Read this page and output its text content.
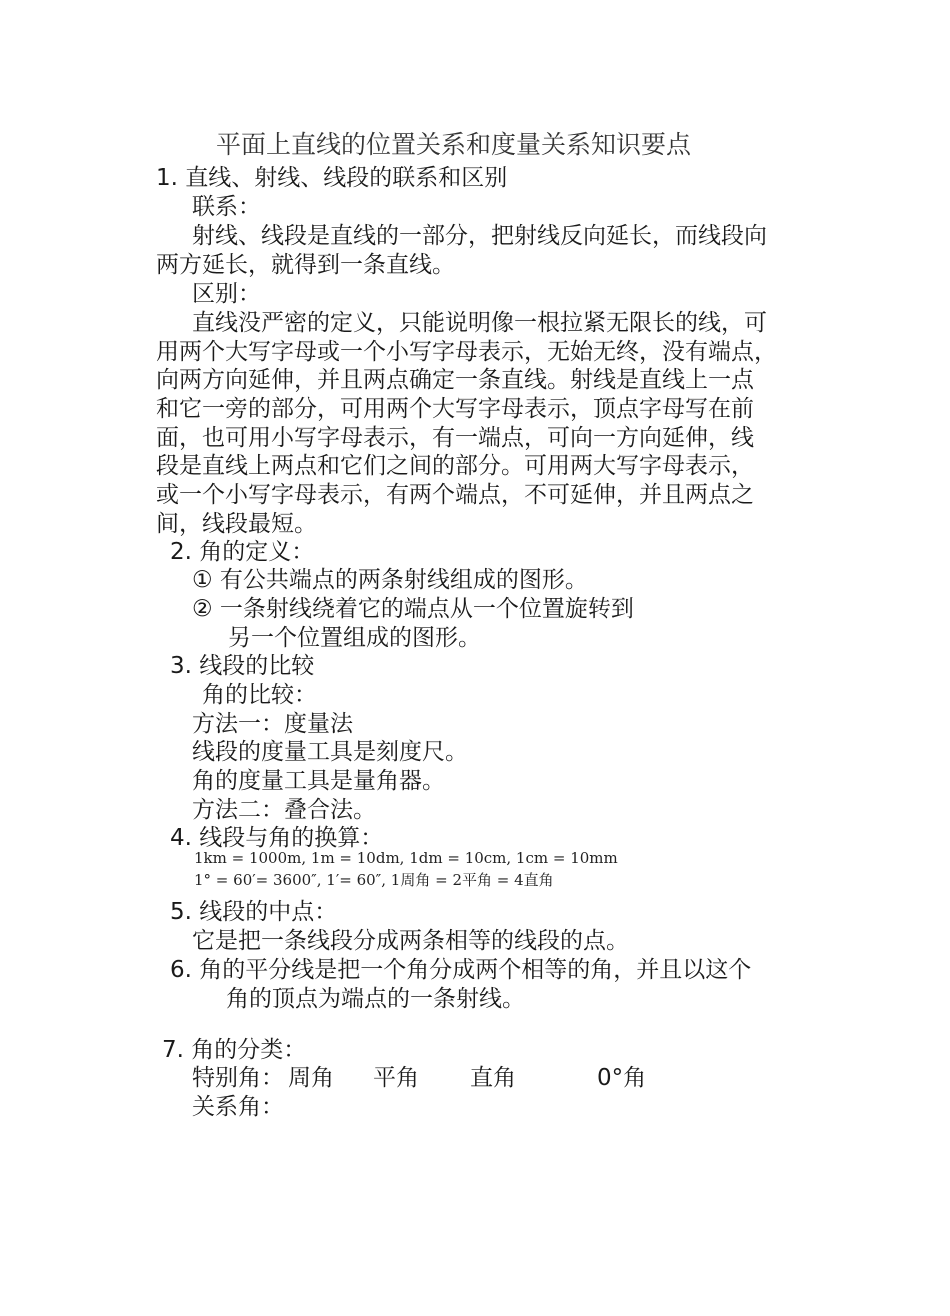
平面上直线的位置关系和度量关系知识要点
1. 直线、射线、线段的联系和区别
联系：
射线、线段是直线的一部分，把射线反向延长，而线段向
两方延长，就得到一条直线。
区别：
直线没严密的定义，只能说明像一根拉紧无限长的线，可
用两个大写字母或一个小写字母表示，无始无终，没有端点，
向两方向延伸，并且两点确定一条直线。射线是直线上一点
和它一旁的部分，可用两个大写字母表示，顶点字母写在前
面，也可用小写字母表示，有一端点，可向一方向延伸，线
段是直线上两点和它们之间的部分。可用两大写字母表示，
或一个小写字母表示，有两个端点，不可延伸，并且两点之
间，线段最短。
2. 角的定义：
① 有公共端点的两条射线组成的图形。
② 一条射线绕着它的端点从一个位置旋转到
另一个位置组成的图形。
3. 线段的比较
角的比较：
方法一：度量法
线段的度量工具是刻度尺。
角的度量工具是量角器。
方法二：叠合法。
4. 线段与角的换算：
1km = 1000m, 1m = 10dm, 1dm = 10cm, 1cm = 10mm
1° = 60′= 3600″, 1′= 60″, 1周角 = 2平角 = 4直角
5. 线段的中点：
它是把一条线段分成两条相等的线段的点。
6. 角的平分线是把一个角分成两个相等的角，并且以这个
角的顶点为端点的一条射线。
7. 角的分类：
特别角： 周角 平角 直角	0°角
关系角：
